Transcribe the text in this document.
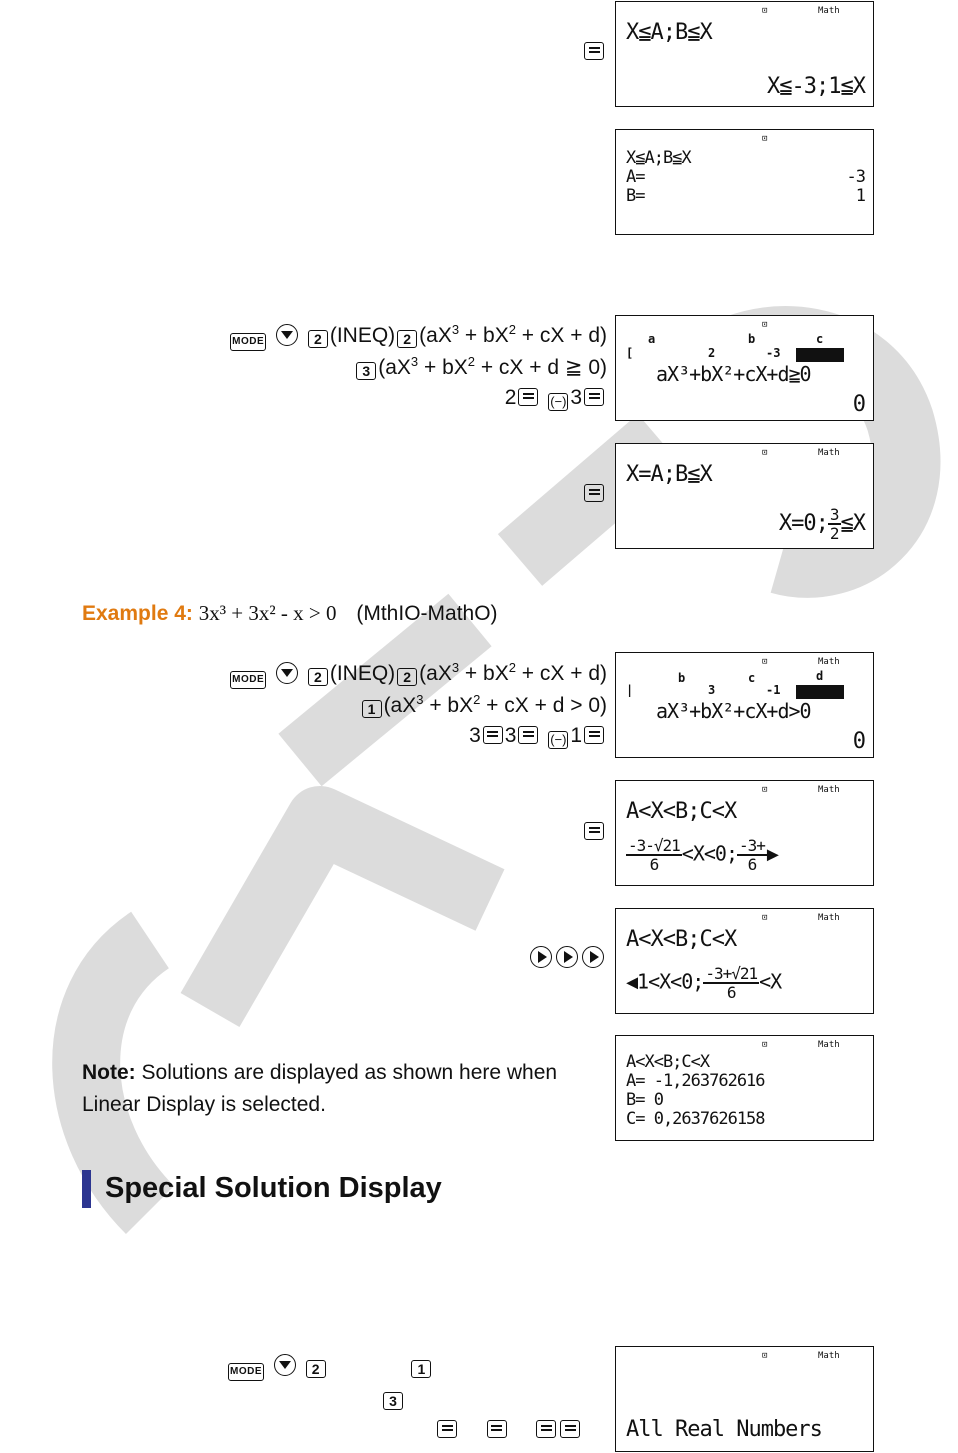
⊡	Math
X≦A;B≦X
X≦-3;1≦X
⊡
X≦A;B≦X
A=	-3
B=	1
MODE	2 (INEQ) 2 ($aX^3 + bX^2$ + cX + d)
3 ($aX^3 + bX^2$ + cX + d ≧ 0)
2	(−) 3
⊡
a
2
b
-3
c
[
aX³+bX²+cX+d≧0
0
⊡	Math
X=A;B≦X
X=0; $\frac{3}{2}$ ≦X
Example 4: 3x³ + 3x² - x > 0 (MthIO-MathO)
MODE	2 (INEQ) 2 ($aX^3 + bX^2$ + cX + d)
1 ($aX^3 + bX^2$ + cX + d > 0)
3 3	(−) 1
⊡	Math
b
3
c
-1
d
|
aX³+bX²+cX+d>0
0
⊡	Math
A<X<B;C<X
$\frac{-3-√21}{6} <X<0$; $\frac{-3+}{6}$ ▶
⊡	Math
A<X<B;C<X
◀1<X<0; $\frac{-3+√21}{6} <X$
Note: Solutions are displayed as shown here when Linear Display is selected.
⊡	Math
A<X<B;C<X
A= -1,263762616
B= 0
C= 0,2637626158
Special Solution Display
MODE	2	1
3

⊡	Math
All Real Numbers
